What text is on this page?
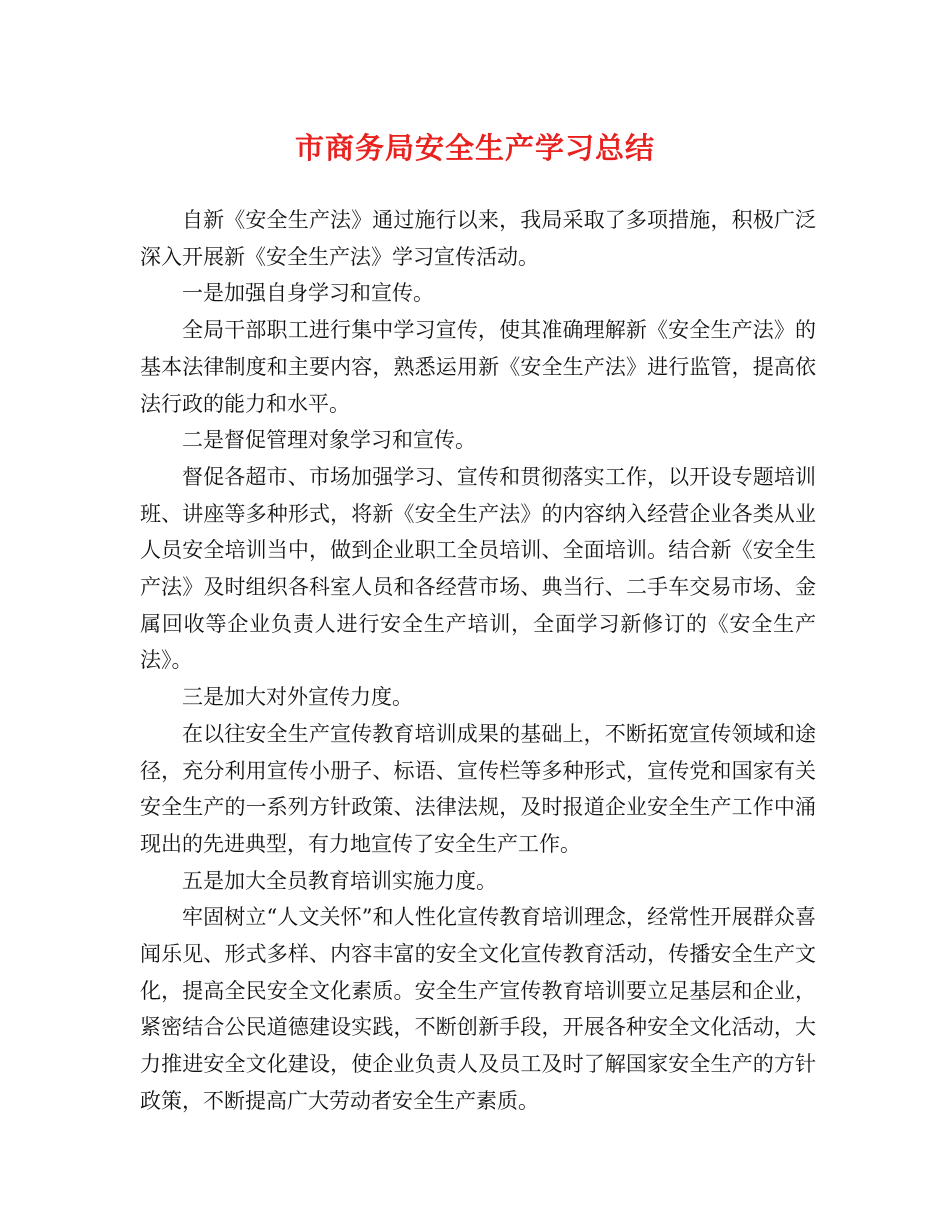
市商务局安全生产学习总结

自新《安全生产法》通过施行以来，我局采取了多项措施，积极广泛深入开展新《安全生产法》学习宣传活动。

一是加强自身学习和宣传。

全局干部职工进行集中学习宣传，使其准确理解新《安全生产法》的基本法律制度和主要内容，熟悉运用新《安全生产法》进行监管，提高依法行政的能力和水平。

二是督促管理对象学习和宣传。

督促各超市、市场加强学习、宣传和贯彻落实工作，以开设专题培训班、讲座等多种形式，将新《安全生产法》的内容纳入经营企业各类从业人员安全培训当中，做到企业职工全员培训、全面培训。结合新《安全生产法》及时组织各科室人员和各经营市场、典当行、二手车交易市场、金属回收等企业负责人进行安全生产培训，全面学习新修订的《安全生产法》。

三是加大对外宣传力度。

在以往安全生产宣传教育培训成果的基础上，不断拓宽宣传领域和途径，充分利用宣传小册子、标语、宣传栏等多种形式，宣传党和国家有关安全生产的一系列方针政策、法律法规，及时报道企业安全生产工作中涌现出的先进典型，有力地宣传了安全生产工作。

五是加大全员教育培训实施力度。

牢固树立“人文关怀”和人性化宣传教育培训理念，经常性开展群众喜闻乐见、形式多样、内容丰富的安全文化宣传教育活动，传播安全生产文化，提高全民安全文化素质。安全生产宣传教育培训要立足基层和企业，紧密结合公民道德建设实践，不断创新手段，开展各种安全文化活动，大力推进安全文化建设，使企业负责人及员工及时了解国家安全生产的方针政策，不断提高广大劳动者安全生产素质。
